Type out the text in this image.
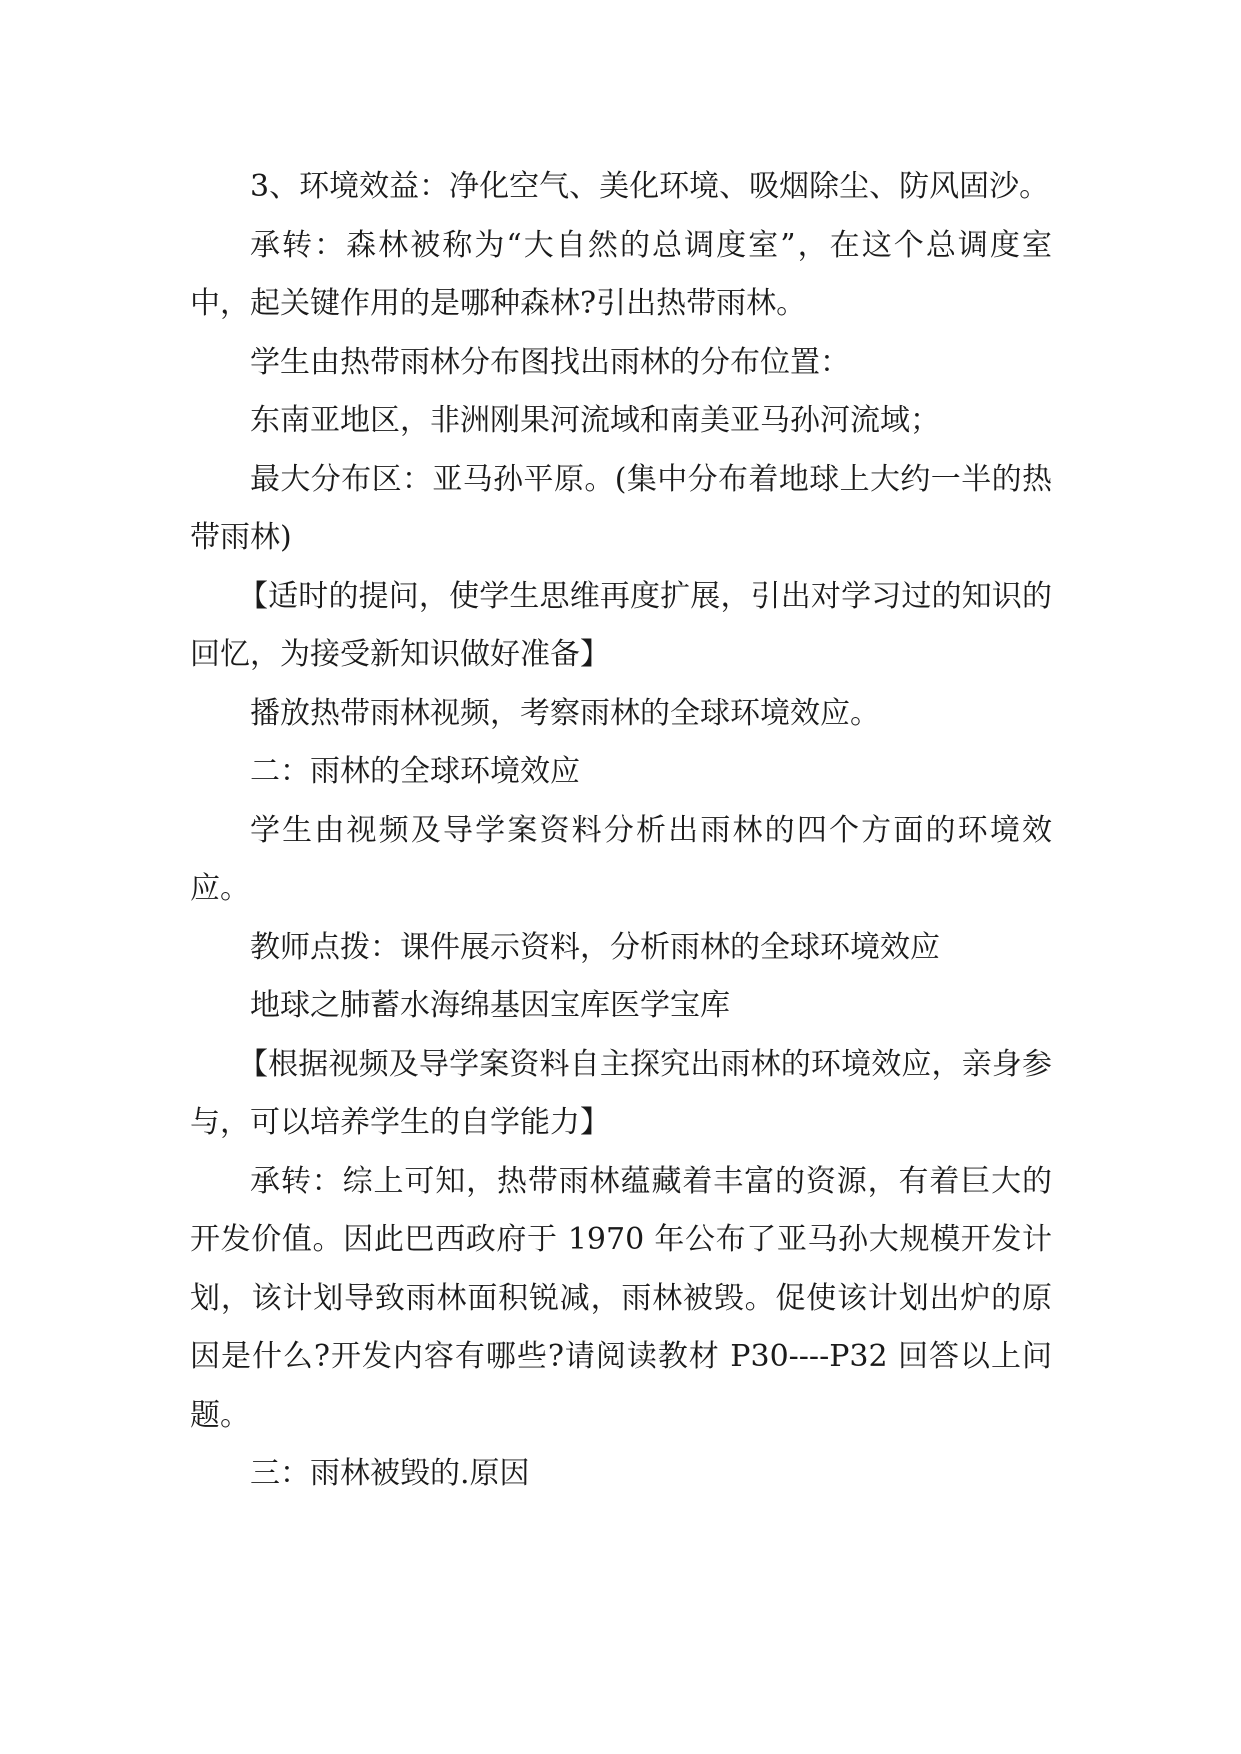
3、环境效益：净化空气、美化环境、吸烟除尘、防风固沙。

承转：森林被称为“大自然的总调度室”，在这个总调度室中，起关键作用的是哪种森林?引出热带雨林。

学生由热带雨林分布图找出雨林的分布位置：

东南亚地区，非洲刚果河流域和南美亚马孙河流域；

最大分布区：亚马孙平原。(集中分布着地球上大约一半的热带雨林)

【适时的提问，使学生思维再度扩展，引出对学习过的知识的回忆，为接受新知识做好准备】

播放热带雨林视频，考察雨林的全球环境效应。

二：雨林的全球环境效应

学生由视频及导学案资料分析出雨林的四个方面的环境效应。

教师点拨：课件展示资料，分析雨林的全球环境效应

地球之肺蓄水海绵基因宝库医学宝库

【根据视频及导学案资料自主探究出雨林的环境效应，亲身参与，可以培养学生的自学能力】

承转：综上可知，热带雨林蕴藏着丰富的资源，有着巨大的开发价值。因此巴西政府于 1970 年公布了亚马孙大规模开发计划，该计划导致雨林面积锐减，雨林被毁。促使该计划出炉的原因是什么?开发内容有哪些?请阅读教材 P30----P32 回答以上问题。

三：雨林被毁的.原因
